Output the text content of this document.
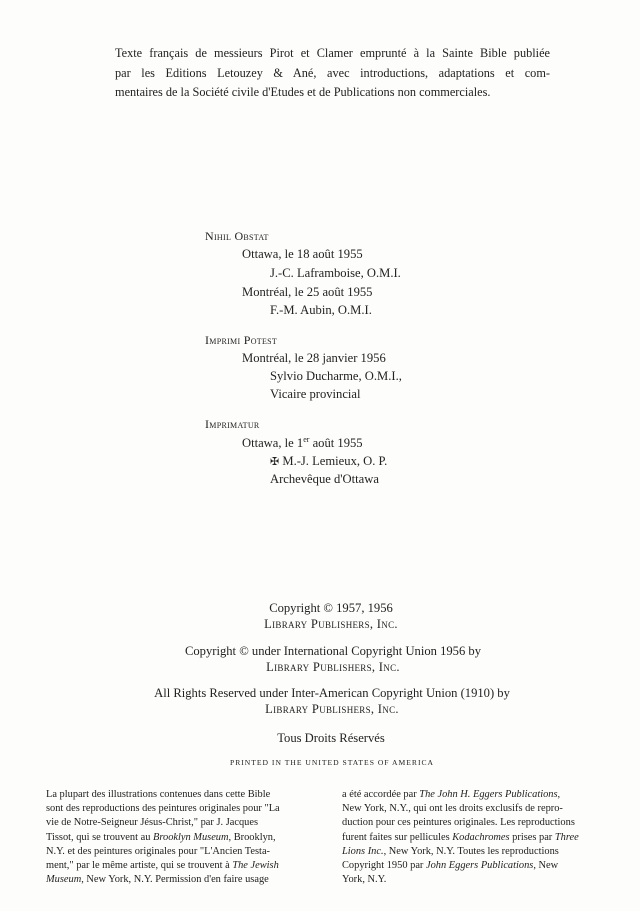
Texte français de messieurs Pirot et Clamer emprunté à la Sainte Bible publiée
par les Editions Letouzey & Ané, avec introductions, adaptations et com-
mentaires de la Société civile d'Etudes et de Publications non commerciales.
Nihil Obstat
Ottawa, le 18 août 1955
J.-C. Laframboise, O.M.I.
Montréal, le 25 août 1955
F.-M. Aubin, O.M.I.
Imprimi Potest
Montréal, le 28 janvier 1956
Sylvio Ducharme, O.M.I.,
Vicaire provincial
Imprimatur
Ottawa, le 1er août 1955
✠ M.-J. Lemieux, O. P.
Archevêque d'Ottawa
Copyright © 1957, 1956
Library Publishers, Inc.
Copyright © under International Copyright Union 1956 by
Library Publishers, Inc.
All Rights Reserved under Inter-American Copyright Union (1910) by
Library Publishers, Inc.
Tous Droits Réservés
PRINTED IN THE UNITED STATES OF AMERICA
La plupart des illustrations contenues dans cette Bible
sont des reproductions des peintures originales pour "La
vie de Notre-Seigneur Jésus-Christ," par J. Jacques
Tissot, qui se trouvent au Brooklyn Museum, Brooklyn,
N.Y. et des peintures originales pour "L'Ancien Testa-
ment," par le même artiste, qui se trouvent à The Jewish
Museum, New York, N.Y. Permission d'en faire usage
a été accordée par The John H. Eggers Publications,
New York, N.Y., qui ont les droits exclusifs de repro-
duction pour ces peintures originales. Les reproductions
furent faites sur pellicules Kodachromes prises par Three
Lions Inc., New York, N.Y. Toutes les reproductions
Copyright 1950 par John Eggers Publications, New
York, N.Y.
